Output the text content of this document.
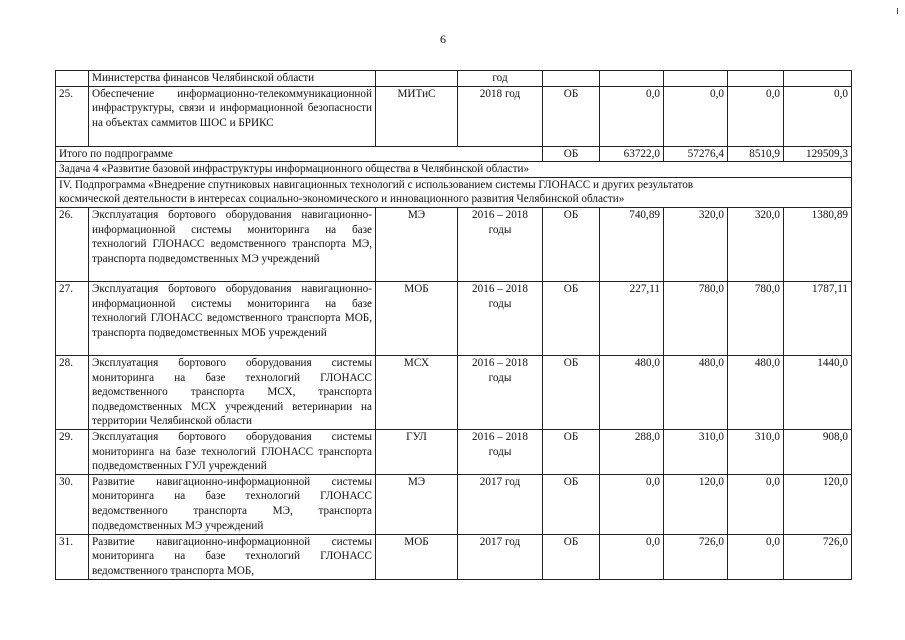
6
	Министерства финансов Челябинской области		год					
25.	Обеспечение информационно-телекоммуникационной инфраструктуры, связи и информационной безопасности на объектах саммитов ШОС и БРИКС	МИТиС	2018 год	ОБ	0,0	0,0	0,0	0,0
Итого по подпрограмме				ОБ	63722,0	57276,4	8510,9	129509,3
Задача 4 «Развитие базовой инфраструктуры информационного общества в Челябинской области»								

IV. Подпрограмма «Внедрение спутниковых навигационных технологий с использованием системы ГЛОНАСС и других результатов
космической деятельности в интересах социально-экономического и инновационного развития Челябинской области»								

26.	Эксплуатация бортового оборудования навигационно-информационной системы мониторинга на базе технологий ГЛОНАСС ведомственного транспорта МЭ, транспорта подведомственных МЭ учреждений	МЭ	2016 – 2018 годы	ОБ	740,89	320,0	320,0	1380,89
27.	Эксплуатация бортового оборудования навигационно-информационной системы мониторинга на базе технологий ГЛОНАСС ведомственного транспорта МОБ, транспорта подведомственных МОБ учреждений	МОБ	2016 – 2018 годы	ОБ	227,11	780,0	780,0	1787,11
28.	Эксплуатация бортового оборудования системы мониторинга на базе технологий ГЛОНАСС ведомственного транспорта МСХ, транспорта подведомственных МСХ учреждений ветеринарии на территории Челябинской области	МСХ	2016 – 2018 годы	ОБ	480,0	480,0	480,0	1440,0
29.	Эксплуатация бортового оборудования системы мониторинга на базе технологий ГЛОНАСС транспорта подведомственных ГУЛ учреждений	ГУЛ	2016 – 2018 годы	ОБ	288,0	310,0	310,0	908,0
30.	Развитие навигационно-информационной системы мониторинга на базе технологий ГЛОНАСС ведомственного транспорта МЭ, транспорта подведомственных МЭ учреждений	МЭ	2017 год	ОБ	0,0	120,0	0,0	120,0
31.	Развитие навигационно-информационной системы мониторинга на базе технологий ГЛОНАСС ведомственного транспорта МОБ,	МОБ	2017 год	ОБ	0,0	726,0	0,0	726,0
